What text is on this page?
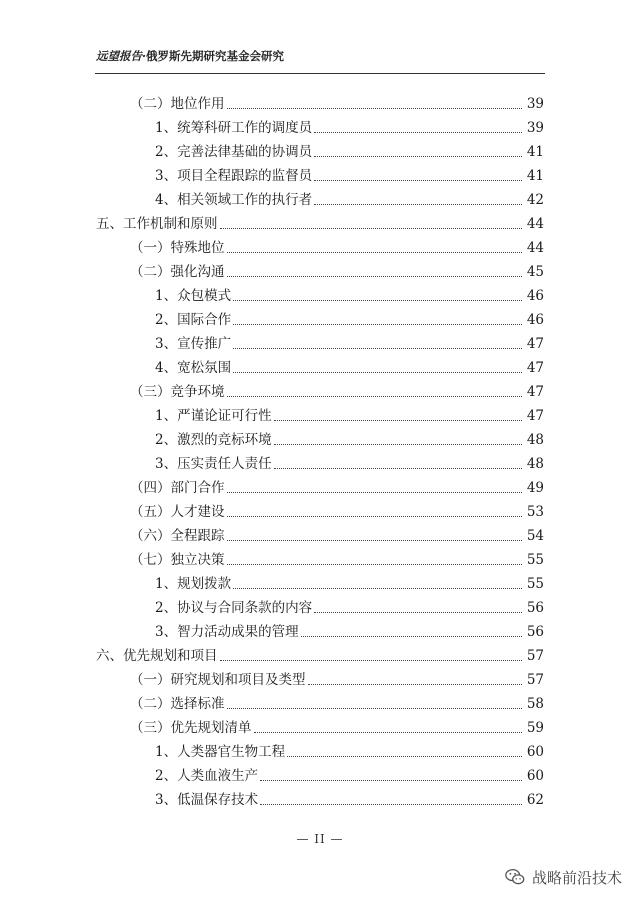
远望报告·俄罗斯先期研究基金会研究
（二）地位作用	39
1、统筹科研工作的调度员	39
2、完善法律基础的协调员	41
3、项目全程跟踪的监督员	41
4、相关领域工作的执行者	42
五、工作机制和原则	44
（一）特殊地位	44
（二）强化沟通	45
1、众包模式	46
2、国际合作	46
3、宣传推广	47
4、宽松氛围	47
（三）竞争环境	47
1、严谨论证可行性	47
2、激烈的竞标环境	48
3、压实责任人责任	48
（四）部门合作	49
（五）人才建设	53
（六）全程跟踪	54
（七）独立决策	55
1、规划拨款	55
2、协议与合同条款的内容	56
3、智力活动成果的管理	56
六、优先规划和项目	57
（一）研究规划和项目及类型	57
（二）选择标准	58
（三）优先规划清单	59
1、人类器官生物工程	60
2、人类血液生产	60
3、低温保存技术	62
— II —
战略前沿技术
